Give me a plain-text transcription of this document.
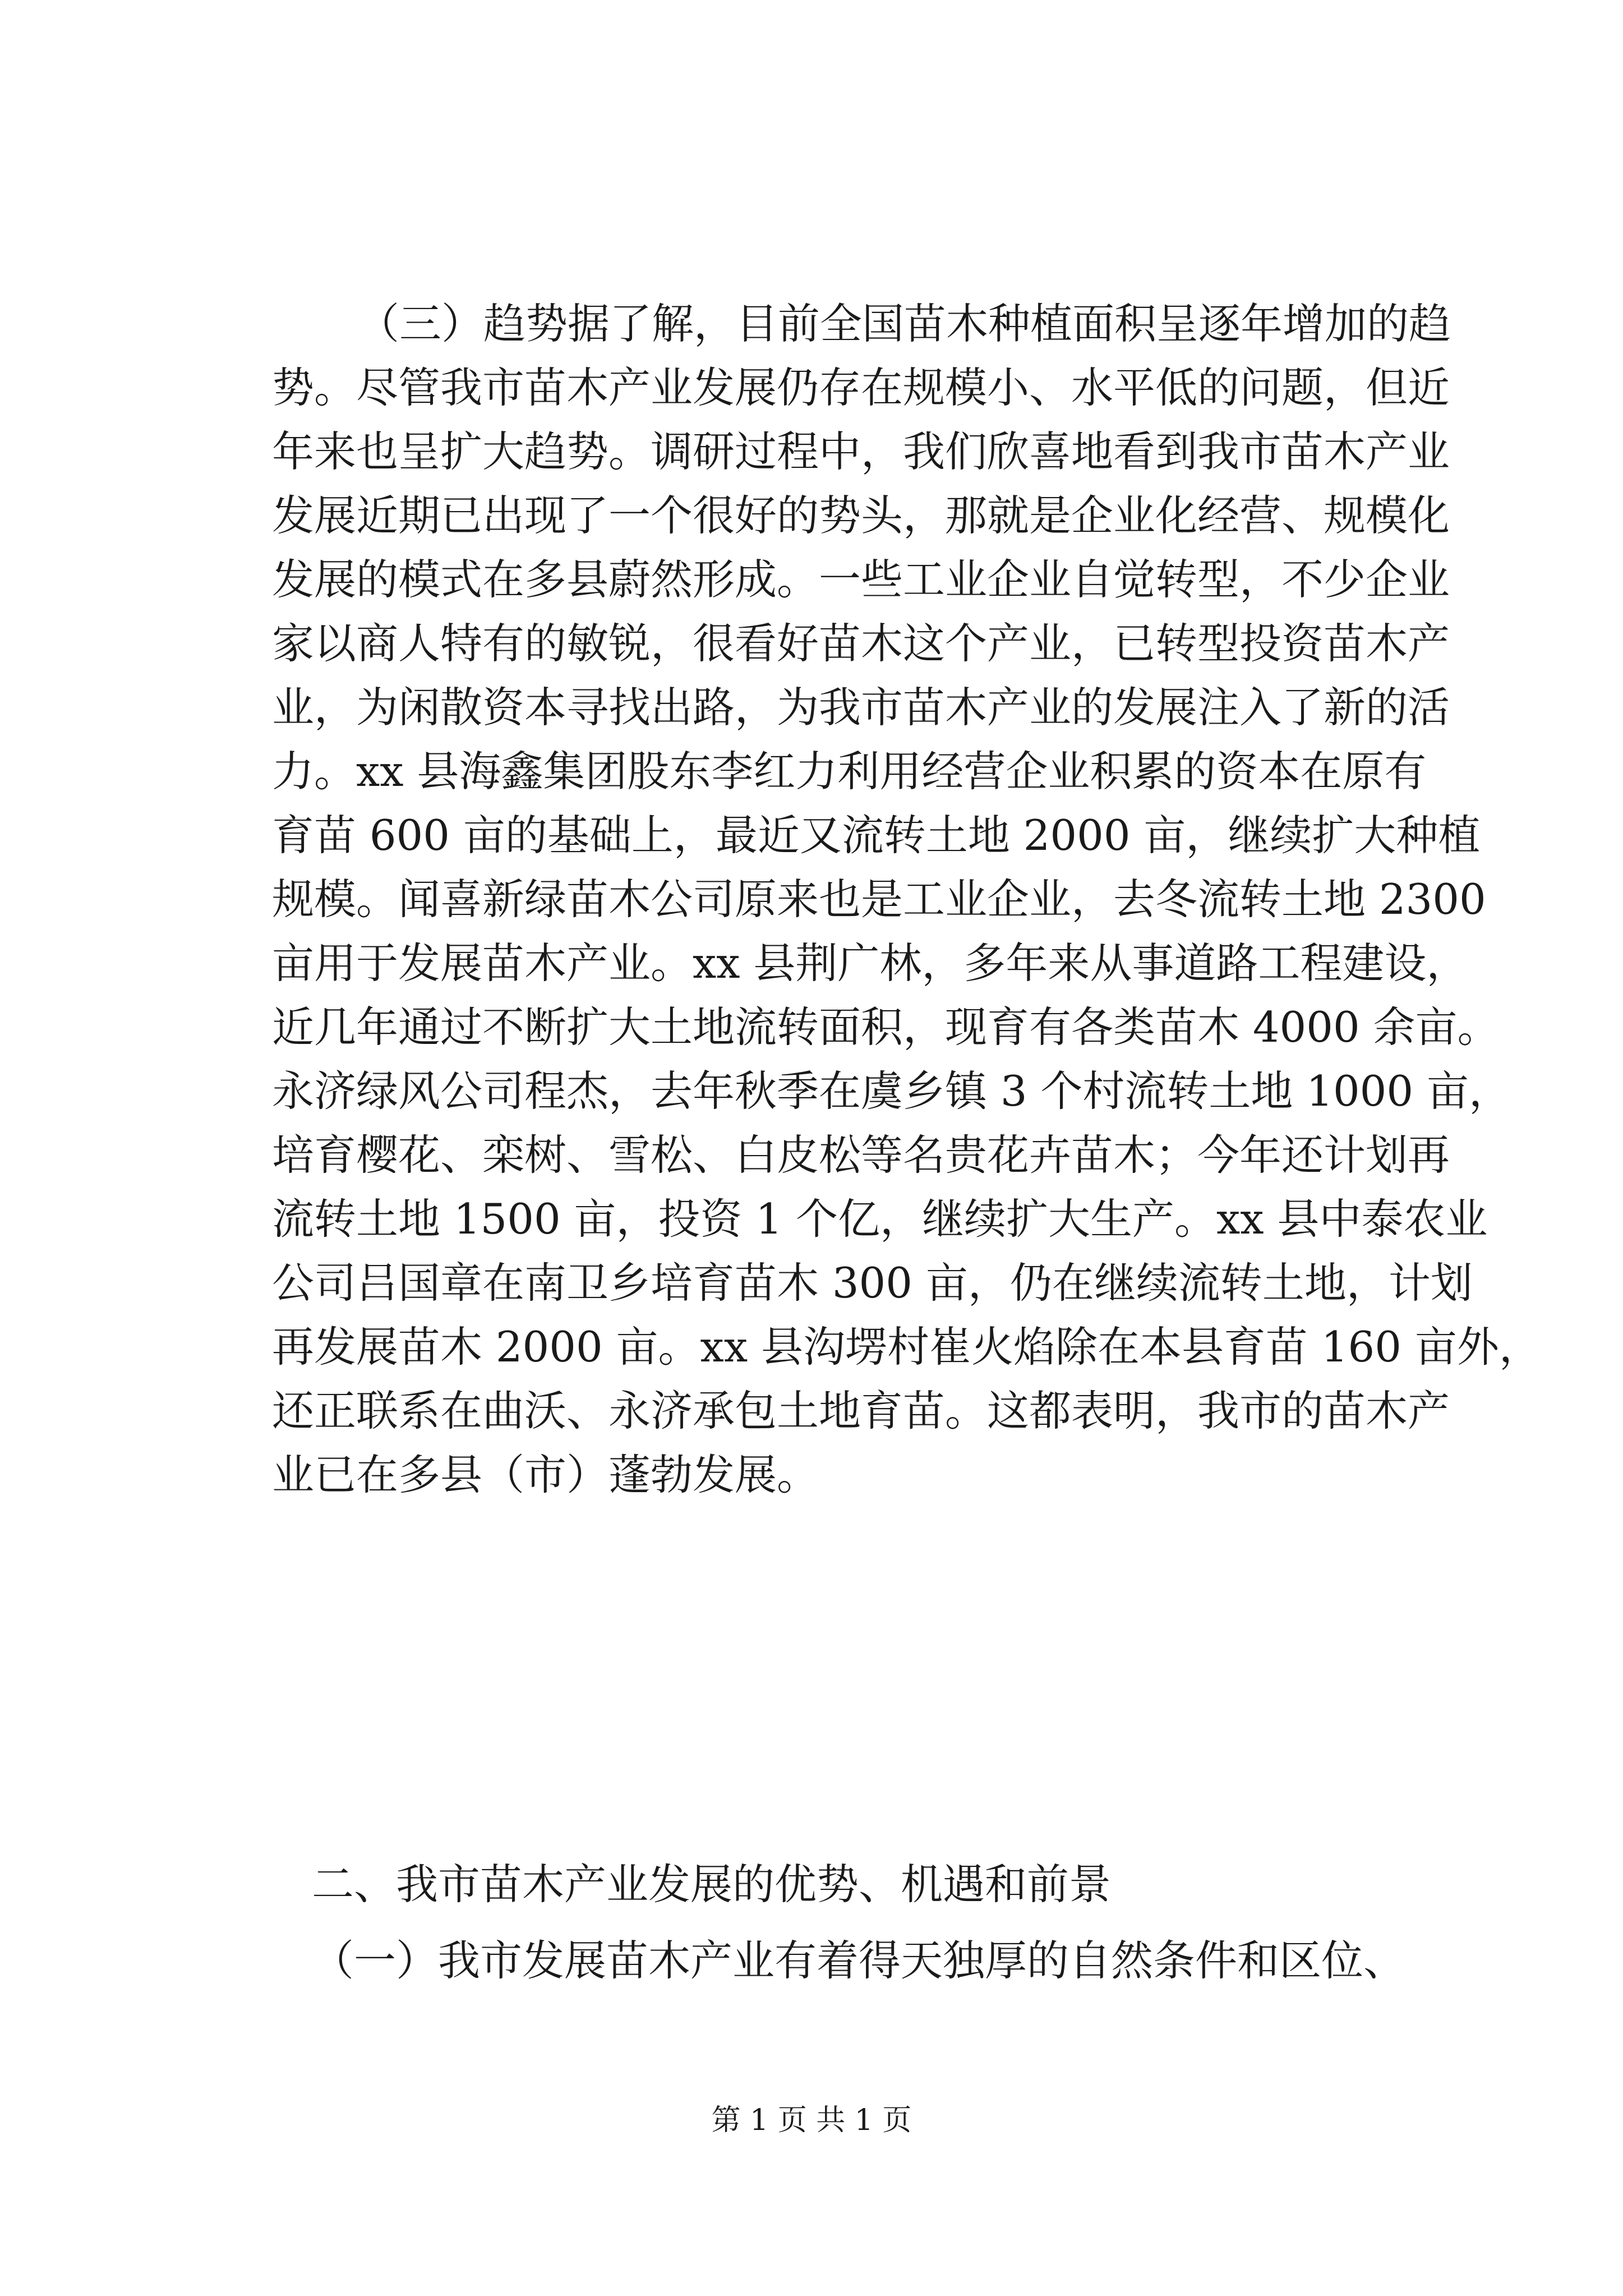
（三）趋势据了解，目前全国苗木种植面积呈逐年增加的趋
势。尽管我市苗木产业发展仍存在规模小、水平低的问题，但近
年来也呈扩大趋势。调研过程中，我们欣喜地看到我市苗木产业
发展近期已出现了一个很好的势头，那就是企业化经营、规模化
发展的模式在多县蔚然形成。一些工业企业自觉转型，不少企业
家以商人特有的敏锐，很看好苗木这个产业，已转型投资苗木产
业，为闲散资本寻找出路，为我市苗木产业的发展注入了新的活
力。xx 县海鑫集团股东李红力利用经营企业积累的资本在原有
育苗 600 亩的基础上，最近又流转土地 2000 亩，继续扩大种植
规模。闻喜新绿苗木公司原来也是工业企业，去冬流转土地 2300
亩用于发展苗木产业。xx 县荆广林，多年来从事道路工程建设，
近几年通过不断扩大土地流转面积，现育有各类苗木 4000 余亩。
永济绿风公司程杰，去年秋季在虞乡镇 3 个村流转土地 1000 亩，
培育樱花、栾树、雪松、白皮松等名贵花卉苗木；今年还计划再
流转土地 1500 亩，投资 1 个亿，继续扩大生产。xx 县中泰农业
公司吕国章在南卫乡培育苗木 300 亩，仍在继续流转土地，计划
再发展苗木 2000 亩。xx 县沟塄村崔火焰除在本县育苗 160 亩外，
还正联系在曲沃、永济承包土地育苗。这都表明，我市的苗木产
业已在多县（市）蓬勃发展。
二、我市苗木产业发展的优势、机遇和前景
（一）我市发展苗木产业有着得天独厚的自然条件和区位、
第 1 页 共 1 页
